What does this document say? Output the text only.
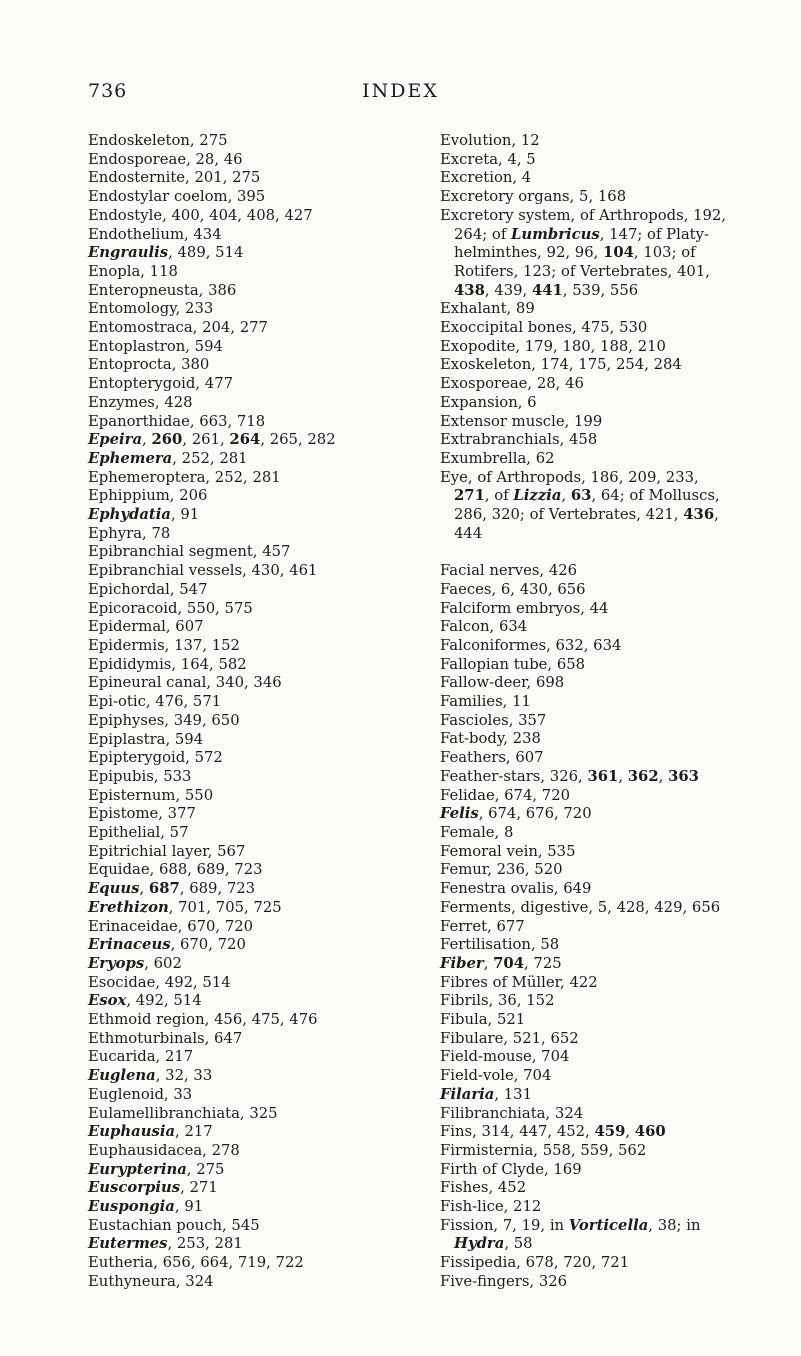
736	INDEX
Endoskeleton, 275
Endosporeae, 28, 46
Endosternite, 201, 275
Endostylar coelom, 395
Endostyle, 400, 404, 408, 427
Endothelium, 434
Engraulis, 489, 514
Enopla, 118
Enteropneusta, 386
Entomology, 233
Entomostraca, 204, 277
Entoplastron, 594
Entoprocta, 380
Entopterygoid, 477
Enzymes, 428
Epanorthidae, 663, 718
Epeira, 260, 261, 264, 265, 282
Ephemera, 252, 281
Ephemeroptera, 252, 281
Ephippium, 206
Ephydatia, 91
Ephyra, 78
Epibranchial segment, 457
Epibranchial vessels, 430, 461
Epichordal, 547
Epicoracoid, 550, 575
Epidermal, 607
Epidermis, 137, 152
Epididymis, 164, 582
Epineural canal, 340, 346
Epi-otic, 476, 571
Epiphyses, 349, 650
Epiplastra, 594
Epipterygoid, 572
Epipubis, 533
Episternum, 550
Epistome, 377
Epithelial, 57
Epitrichial layer, 567
Equidae, 688, 689, 723
Equus, 687, 689, 723
Erethizon, 701, 705, 725
Erinaceidae, 670, 720
Erinaceus, 670, 720
Eryops, 602
Esocidae, 492, 514
Esox, 492, 514
Ethmoid region, 456, 475, 476
Ethmoturbinals, 647
Eucarida, 217
Euglena, 32, 33
Euglenoid, 33
Eulamellibranchiata, 325
Euphausia, 217
Euphausidacea, 278
Eurypterina, 275
Euscorpius, 271
Euspongia, 91
Eustachian pouch, 545
Eutermes, 253, 281
Eutheria, 656, 664, 719, 722
Euthyneura, 324
Evolution, 12
Excreta, 4, 5
Excretion, 4
Excretory organs, 5, 168
Excretory system, of Arthropods, 192,
264; of Lumbricus, 147; of Platy-
helminthes, 92, 96, 104, 103; of
Rotifers, 123; of Vertebrates, 401,
438, 439, 441, 539, 556
Exhalant, 89
Exoccipital bones, 475, 530
Exopodite, 179, 180, 188, 210
Exoskeleton, 174, 175, 254, 284
Exosporeae, 28, 46
Expansion, 6
Extensor muscle, 199
Extrabranchials, 458
Exumbrella, 62
Eye, of Arthropods, 186, 209, 233,
271, of Lizzia, 63, 64; of Molluscs,
286, 320; of Vertebrates, 421, 436,
444
Facial nerves, 426
Faeces, 6, 430, 656
Falciform embryos, 44
Falcon, 634
Falconiformes, 632, 634
Fallopian tube, 658
Fallow-deer, 698
Families, 11
Fascioles, 357
Fat-body, 238
Feathers, 607
Feather-stars, 326, 361, 362, 363
Felidae, 674, 720
Felis, 674, 676, 720
Female, 8
Femoral vein, 535
Femur, 236, 520
Fenestra ovalis, 649
Ferments, digestive, 5, 428, 429, 656
Ferret, 677
Fertilisation, 58
Fiber, 704, 725
Fibres of Müller, 422
Fibrils, 36, 152
Fibula, 521
Fibulare, 521, 652
Field-mouse, 704
Field-vole, 704
Filaria, 131
Filibranchiata, 324
Fins, 314, 447, 452, 459, 460
Firmisternia, 558, 559, 562
Firth of Clyde, 169
Fishes, 452
Fish-lice, 212
Fission, 7, 19, in Vorticella, 38; in
Hydra, 58
Fissipedia, 678, 720, 721
Five-fingers, 326
